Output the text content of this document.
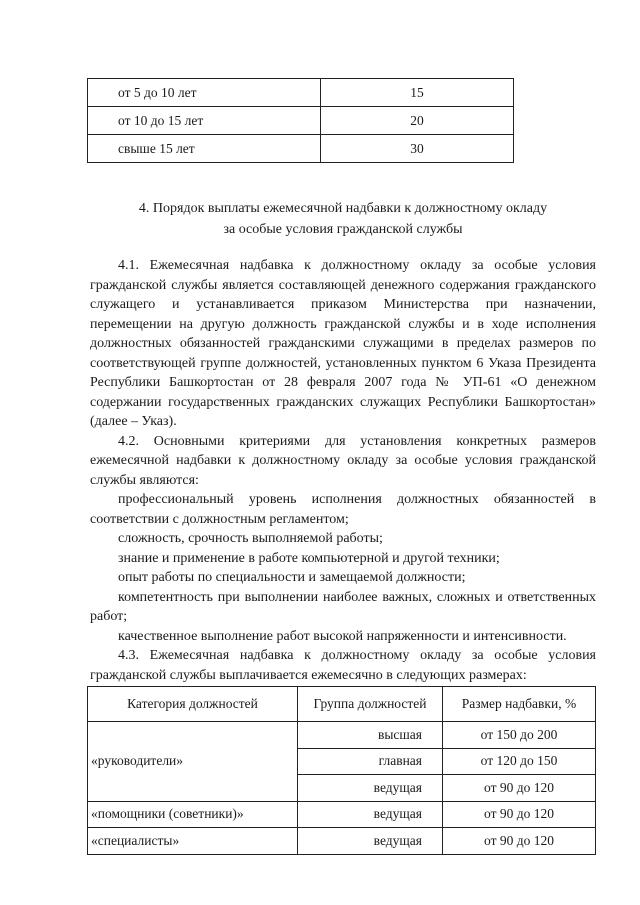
от 5 до 10 лет	15
от 10 до 15 лет	20
свыше 15 лет	30
4. Порядок выплаты ежемесячной надбавки к должностному окладу
за особые условия гражданской службы

4.1. Ежемесячная надбавка к должностному окладу за особые условия гражданской службы является составляющей денежного содержания гражданского служащего и устанавливается приказом Министерства при назначении, перемещении на другую должность гражданской службы и в ходе исполнения должностных обязанностей гражданскими служащими в пределах размеров по соответствующей группе должностей, установленных пунктом 6 Указа Президента Республики Башкортостан от 28 февраля 2007 года № УП-61 «О денежном содержании государственных гражданских служащих Республики Башкортостан» (далее – Указ).

4.2. Основными критериями для установления конкретных размеров ежемесячной надбавки к должностному окладу за особые условия гражданской службы являются:

профессиональный уровень исполнения должностных обязанностей в соответствии с должностным регламентом;

сложность, срочность выполняемой работы;

знание и применение в работе компьютерной и другой техники;

опыт работы по специальности и замещаемой должности;

компетентность при выполнении наиболее важных, сложных и ответственных работ;

качественное выполнение работ высокой напряженности и интенсивности.

4.3. Ежемесячная надбавка к должностному окладу за особые условия гражданской службы выплачивается ежемесячно в следующих размерах:

Категория должностей	Группа должностей	Размер надбавки, %
«руководители»	высшая	от 150 до 200
	главная	от 120 до 150
	ведущая	от 90 до 120
«помощники (советники)»	ведущая	от 90 до 120
«специалисты»	ведущая	от 90 до 120
